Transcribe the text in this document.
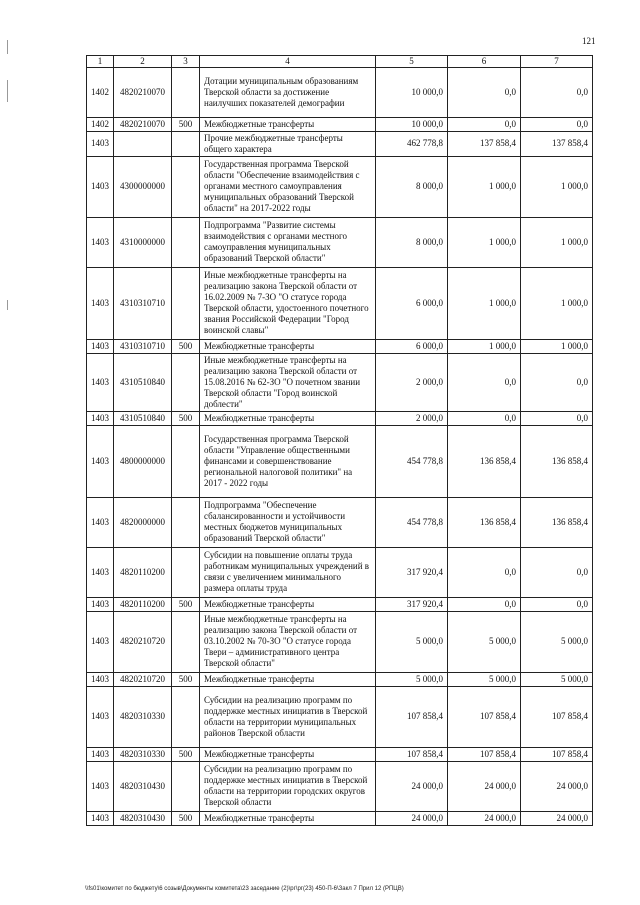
121
1	2	3	4	5	6	7
1402	4820210070		Дотации муниципальным образованиям Тверской области за достижение наилучших показателей демографии	10 000,0	0,0	0,0
1402	4820210070	500	Межбюджетные трансферты	10 000,0	0,0	0,0
1403			Прочие межбюджетные трансферты общего характера	462 778,8	137 858,4	137 858,4
1403	4300000000		Государственная программа Тверской области "Обеспечение взаимодействия с органами местного самоуправления муниципальных образований Тверской области" на 2017-2022 годы	8 000,0	1 000,0	1 000,0
1403	4310000000		Подпрограмма "Развитие системы взаимодействия с органами местного самоуправления муниципальных образований Тверской области"	8 000,0	1 000,0	1 000,0
1403	4310310710		Иные межбюджетные трансферты на реализацию закона Тверской области от 16.02.2009 № 7-ЗО "О статусе города Тверской области, удостоенного почетного звания Российской Федерации "Город воинской славы"	6 000,0	1 000,0	1 000,0
1403	4310310710	500	Межбюджетные трансферты	6 000,0	1 000,0	1 000,0
1403	4310510840		Иные межбюджетные трансферты на реализацию закона Тверской области от 15.08.2016 № 62-ЗО "О почетном звании Тверской области "Город воинской доблести"	2 000,0	0,0	0,0
1403	4310510840	500	Межбюджетные трансферты	2 000,0	0,0	0,0
1403	4800000000		Государственная программа Тверской области "Управление общественными финансами и совершенствование региональной налоговой политики" на 2017 - 2022 годы	454 778,8	136 858,4	136 858,4
1403	4820000000		Подпрограмма "Обеспечение сбалансированности и устойчивости местных бюджетов муниципальных образований Тверской области"	454 778,8	136 858,4	136 858,4
1403	4820110200		Субсидии на повышение оплаты труда работникам муниципальных учреждений в связи с увеличением минимального размера оплаты труда	317 920,4	0,0	0,0
1403	4820110200	500	Межбюджетные трансферты	317 920,4	0,0	0,0
1403	4820210720		Иные межбюджетные трансферты на реализацию закона Тверской области от 03.10.2002 № 70-ЗО "О статусе города Твери – административного центра Тверской области"	5 000,0	5 000,0	5 000,0
1403	4820210720	500	Межбюджетные трансферты	5 000,0	5 000,0	5 000,0
1403	4820310330		Субсидии на реализацию программ по поддержке местных инициатив в Тверской области на территории муниципальных районов Тверской области	107 858,4	107 858,4	107 858,4
1403	4820310330	500	Межбюджетные трансферты	107 858,4	107 858,4	107 858,4
1403	4820310430		Субсидии на реализацию программ по поддержке местных инициатив в Тверской области на территории городских округов Тверской области	24 000,0	24 000,0	24 000,0
1403	4820310430	500	Межбюджетные трансферты	24 000,0	24 000,0	24 000,0
\\fs01\комитет по бюджету\6 созыв\Документы комитета\23 заседание (2)\рг\рг(23) 450-П-6\Закл 7 Прил 12 (РПЦВ)
